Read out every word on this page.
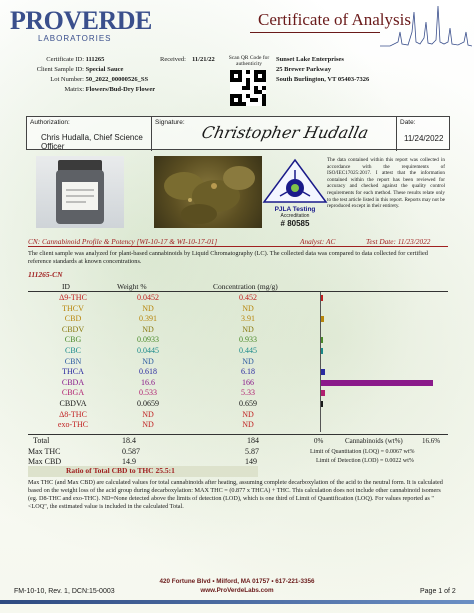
PROVERDE
LABORATORIES
Certificate of Analysis
Certificate ID: 111265	Received: 11/21/22
Client Sample ID: Special Sauce
Lot Number: 50_2022_00000526_SS
Matrix: Flowers/Bud-Dry Flower
Scan QR Code for authenticity
Sunset Lake Enterprises
25 Brewer Parkway
South Burlington, VT 05403-7326
Authorization:
Chris Hudalla, Chief Science Officer
Signature:
Christopher Hudalla
Date:
11/24/2022
PJLA Testing
Accreditation
# 80585
The data contained within this report was collected in accordance with the requirements of ISO/IEC17025:2017. I attest that the information contained within the report has been reviewed for accuracy and checked against the quality control requirements for each method. These results relate only to the test article listed in this report. Reports may not be reproduced except in their entirety.
CN: Cannabinoid Profile & Potency [WI-10-17 & WI-10-17-01]	Analyst: AC	Test Date: 11/23/2022
The client sample was analyzed for plant-based cannabinoids by Liquid Chromatography (LC). The collected data was compared to data collected for certified reference standards at known concentrations.
111265-CN
ID	Weight %	Concentration (mg/g)
Δ9-THC	0.0452	0.452
THCV	ND	ND
CBD	0.391	3.91
CBDV	ND	ND
CBG	0.0933	0.933
CBC	0.0445	0.445
CBN	ND	ND
THCA	0.618	6.18
CBDA	16.6	166
CBGA	0.533	5.33
CBDVA	0.0659	0.659
Δ8-THC	ND	ND
exo-THC	ND	ND
Total	18.4	184
Max THC	0.587	5.87
Max CBD	14.9	149
0%	Cannabinoids (wt%)	16.6%
Limit of Quantitation (LOQ) = 0.0067 wt%
Limit of Detection (LOD) = 0.0022 wt%
Ratio of Total CBD to THC 25.5:1
Max THC (and Max CBD) are calculated values for total cannabinoids after heating, assuming complete decarboxylation of the acid to the neutral form. It is calculated based on the weight loss of the acid group during decarboxylation: MAX THC = (0.877 x THCA) + THC. This calculation does not include other cannabinoid isomers (eg. D8-THC and exo-THC). ND=None detected above the limits of detection (LOD), which is one third of Limit of Quantification (LOQ). For values reported as "<LOQ", the estimated value is included in the calculated Total.
420 Fortune Blvd • Milford, MA 01757 • 617-221-3356
www.ProVerdeLabs.com
FM-10-10, Rev. 1, DCN:15-0003	Page 1 of 2
